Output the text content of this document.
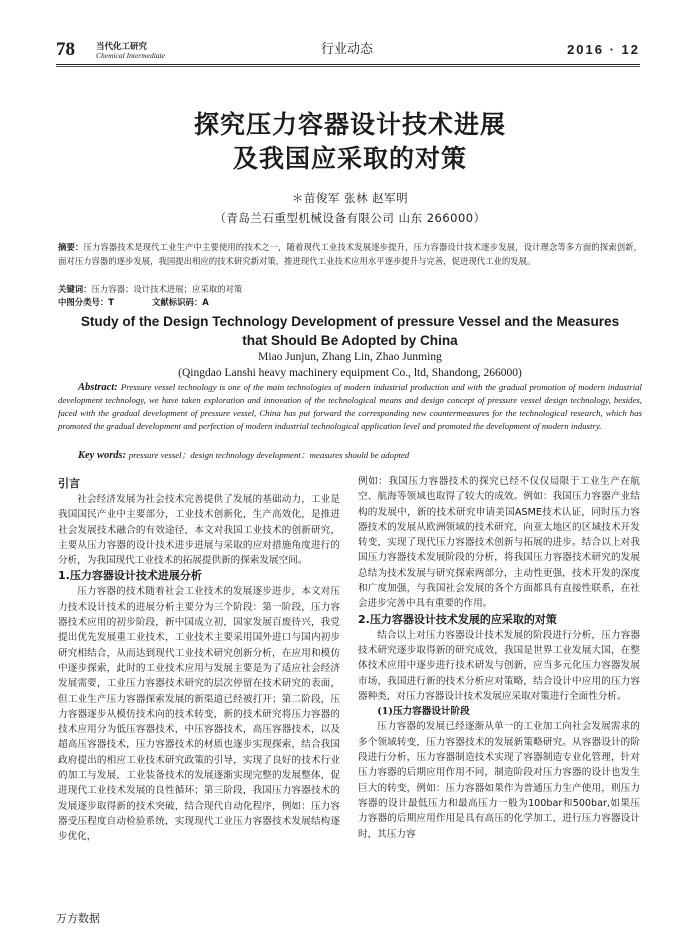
78 当代化工研究
Chemical Intermediate	行业动态	2016 · 12
探究压力容器设计技术进展
及我国应采取的对策
＊苗俊军 张林 赵军明
（青岛兰石重型机械设备有限公司 山东 266000）
摘要：压力容器技术是现代工业生产中主要使用的技术之一，随着现代工业技术发展逐步提升，压力容器设计技术逐步发展，设计理念等多方面的探索创新，面对压力容器的逐步发展，我国提出相应的技术研究新对策，推进现代工业技术应用水平逐步提升与完善，促进现代工业的发展。
关键词：压力容器；设计技术进展；应采取的对策
中图分类号：T	文献标识码：A
Study of the Design Technology Development of pressure Vessel and the Measures
that Should Be Adopted by China
Miao Junjun, Zhang Lin, Zhao Junming
(Qingdao Lanshi heavy machinery equipment Co., ltd, Shandong, 266000)
Abstract: Pressure vessel technology is one of the main technologies of modern industrial production and with the gradual promotion of modern industrial development technology, we have taken exploration and innovation of the technological means and design concept of pressure vessel design technology, besides, faced with the gradual development of pressure vessel, China has put forward the corresponding new countermeasures for the technological research, which has promoted the gradual development and perfection of modern industrial technological application level and promoted the development of modern industry.
Key words: pressure vessel；design technology development；measures should be adopted

引言

社会经济发展为社会技术完善提供了发展的基础动力，工业是我国国民产业中主要部分，工业技术创新化，生产高效化，是推进社会发展技术融合的有效途径，本文对我国工业技术的创新研究，主要从压力容器的设计技术进步进展与采取的应对措施角度进行的分析，为我国现代工业技术的拓展提供新的探索发展空间。

1.压力容器设计技术进展分析

压力容器的技术随着社会工业技术的发展逐步进步，本文对压力技术设计技术的进展分析主要分为三个阶段：第一阶段，压力容器技术应用的初步阶段，新中国成立初，国家发展百废待兴，我党提出优先发展重工业技术，工业技术主要采用国外进口与国内初步研究相结合，从而达到现代工业技术研究创新分析，在应用和模仿中逐步探索，此时的工业技术应用与发展主要是为了适应社会经济发展需要，工业压力容器技术研究的层次停留在技术研究的表面，但工业生产压力容器探索发展的新渠道已经被打开；第二阶段，压力容器逐步从模仿技术向的技术转变，新的技术研究将压力容器的技术应用分为低压容器技术，中压容器技术，高压容器技术，以及超高压容器技术，压力容器技术的材质也逐步实现探索，结合我国政府提出的相应工业技术研究政策的引导，实现了良好的技术行业的加工与发展，工业装备技术的发展逐渐实现完整的发展整体，促进现代工业技术发展的良性循环；第三阶段，我国压力容器技术的发展逐步取得新的技术突破，结合现代自动化程序，例如：压力容器受压程度自动检验系统，实现现代工业压力容器技术发展结构逐步优化，

例如：我国压力容器技术的探究已经不仅仅局限于工业生产在航空、航海等领域也取得了较大的成效。例如：我国压力容器产业结构的发展中，新的技术研究申请美国ASME技术认证，同时压力容器技术的发展从欧洲领域的技术研究，向亚太地区的区域技术开发转变，实现了现代压力容器技术创新与拓展的进步。结合以上对我国压力容器技术发展阶段的分析，将我国压力容器技术研究的发展总结为技术发展与研究探索两部分，主动性更强，技术开发的深度和广度加强，与我国社会发展的各个方面都具有直接性联系，在社会进步完善中具有重要的作用。

2.压力容器设计技术发展的应采取的对策

结合以上对压力容器设计技术发展的阶段进行分析，压力容器技术研究逐步取得新的研究成效，我国是世界工业发展大国，在整体技术应用中逐步进行技术研发与创新，应当多元化压力容器发展市场，我国进行新的技术分析应对策略，结合设计中应用的压力容器种类，对压力容器设计技术发展应采取对策进行全面性分析。

(1)压力容器设计阶段

压力容器的发展已经逐渐从单一的工业加工向社会发展需求的多个领域转变，压力容器技术的发展新策略研究。从容器设计的阶段进行分析，压力容器制造技术实现了容器制造专业化管理，针对压力容器的后期应用作用不同，制造阶段对压力容器的设计也发生巨大的转变，例如：压力容器如果作为普通压力生产使用，则压力容器的设计最低压力和最高压力一般为100bar和500bar,如果压力容器的后期应用作用是具有高压的化学加工，进行压力容器设计时，其压力容

万方数据
